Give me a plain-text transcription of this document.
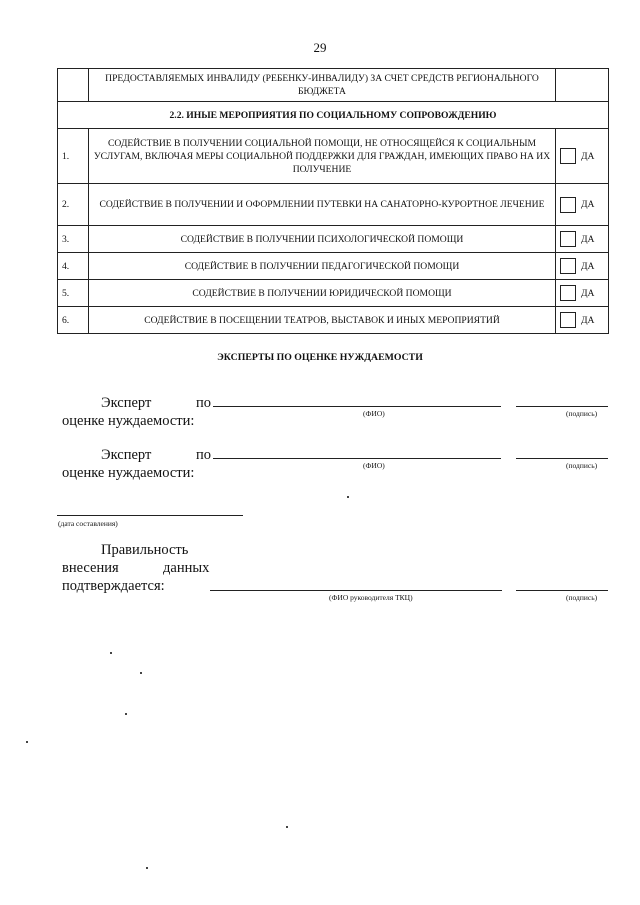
29
	ПРЕДОСТАВЛЯЕМЫХ ИНВАЛИДУ (РЕБЕНКУ-ИНВАЛИДУ) ЗА СЧЕТ СРЕДСТВ РЕГИОНАЛЬНОГО БЮДЖЕТА	
2.2. ИНЫЕ МЕРОПРИЯТИЯ ПО СОЦИАЛЬНОМУ СОПРОВОЖДЕНИЮ		
1.	СОДЕЙСТВИЕ В ПОЛУЧЕНИИ СОЦИАЛЬНОЙ ПОМОЩИ, НЕ ОТНОСЯЩЕЙСЯ К СОЦИАЛЬНЫМ УСЛУГАМ, ВКЛЮЧАЯ МЕРЫ СОЦИАЛЬНОЙ ПОДДЕРЖКИ ДЛЯ ГРАЖДАН, ИМЕЮЩИХ ПРАВО НА ИХ ПОЛУЧЕНИЕ	ДА

2.	СОДЕЙСТВИЕ В ПОЛУЧЕНИИ И ОФОРМЛЕНИИ ПУТЕВКИ НА САНАТОРНО-КУРОРТНОЕ ЛЕЧЕНИЕ	ДА

3.	СОДЕЙСТВИЕ В ПОЛУЧЕНИИ ПСИХОЛОГИЧЕСКОЙ ПОМОЩИ	ДА

4.	СОДЕЙСТВИЕ В ПОЛУЧЕНИИ ПЕДАГОГИЧЕСКОЙ ПОМОЩИ	ДА

5.	СОДЕЙСТВИЕ В ПОЛУЧЕНИИ ЮРИДИЧЕСКОЙ ПОМОЩИ	ДА

6.	СОДЕЙСТВИЕ В ПОСЕЩЕНИИ ТЕАТРОВ, ВЫСТАВОК И ИНЫХ МЕРОПРИЯТИЙ	ДА
ЭКСПЕРТЫ ПО ОЦЕНКЕ НУЖДАЕМОСТИ
Эксперт	по
оценке нуждаемости:	(ФИО)	(подпись)
Эксперт	по
оценке нуждаемости:	(ФИО)	(подпись)
(дата составления)
Правильность
внесения	данных
подтверждается:
(ФИО руководителя ТКЦ)	(подпись)
